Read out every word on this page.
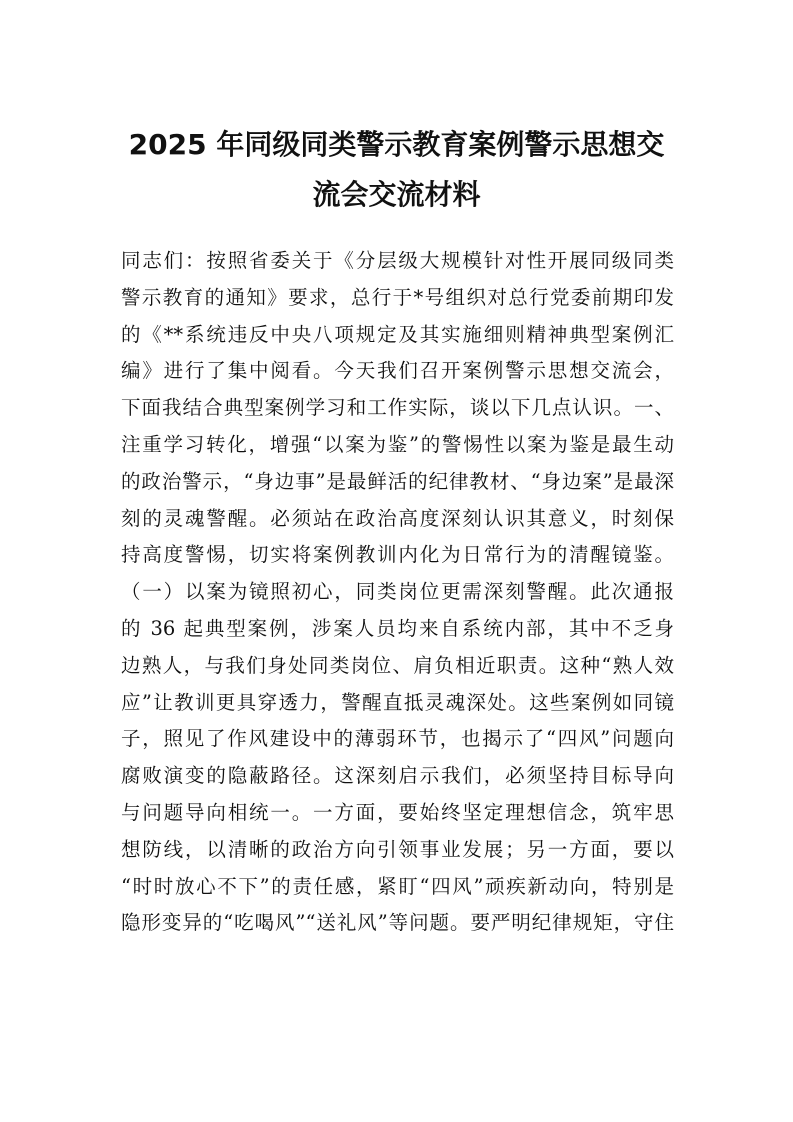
2025 年同级同类警示教育案例警示思想交
流会交流材料
同志们：按照省委关于《分层级大规模针对性开展同级同类
警示教育的通知》要求，总行于*号组织对总行党委前期印发
的《**系统违反中央八项规定及其实施细则精神典型案例汇
编》进行了集中阅看。今天我们召开案例警示思想交流会，
下面我结合典型案例学习和工作实际，谈以下几点认识。一、
注重学习转化，增强“以案为鉴”的警惕性以案为鉴是最生动
的政治警示，“身边事”是最鲜活的纪律教材、“身边案”是最深
刻的灵魂警醒。必须站在政治高度深刻认识其意义，时刻保
持高度警惕，切实将案例教训内化为日常行为的清醒镜鉴。
（一）以案为镜照初心，同类岗位更需深刻警醒。此次通报
的 36 起典型案例，涉案人员均来自系统内部，其中不乏身
边熟人，与我们身处同类岗位、肩负相近职责。这种“熟人效
应”让教训更具穿透力，警醒直抵灵魂深处。这些案例如同镜
子，照见了作风建设中的薄弱环节，也揭示了“四风”问题向
腐败演变的隐蔽路径。这深刻启示我们，必须坚持目标导向
与问题导向相统一。一方面，要始终坚定理想信念，筑牢思
想防线，以清晰的政治方向引领事业发展；另一方面，要以
“时时放心不下”的责任感，紧盯“四风”顽疾新动向，特别是
隐形变异的“吃喝风”“送礼风”等问题。要严明纪律规矩，守住
